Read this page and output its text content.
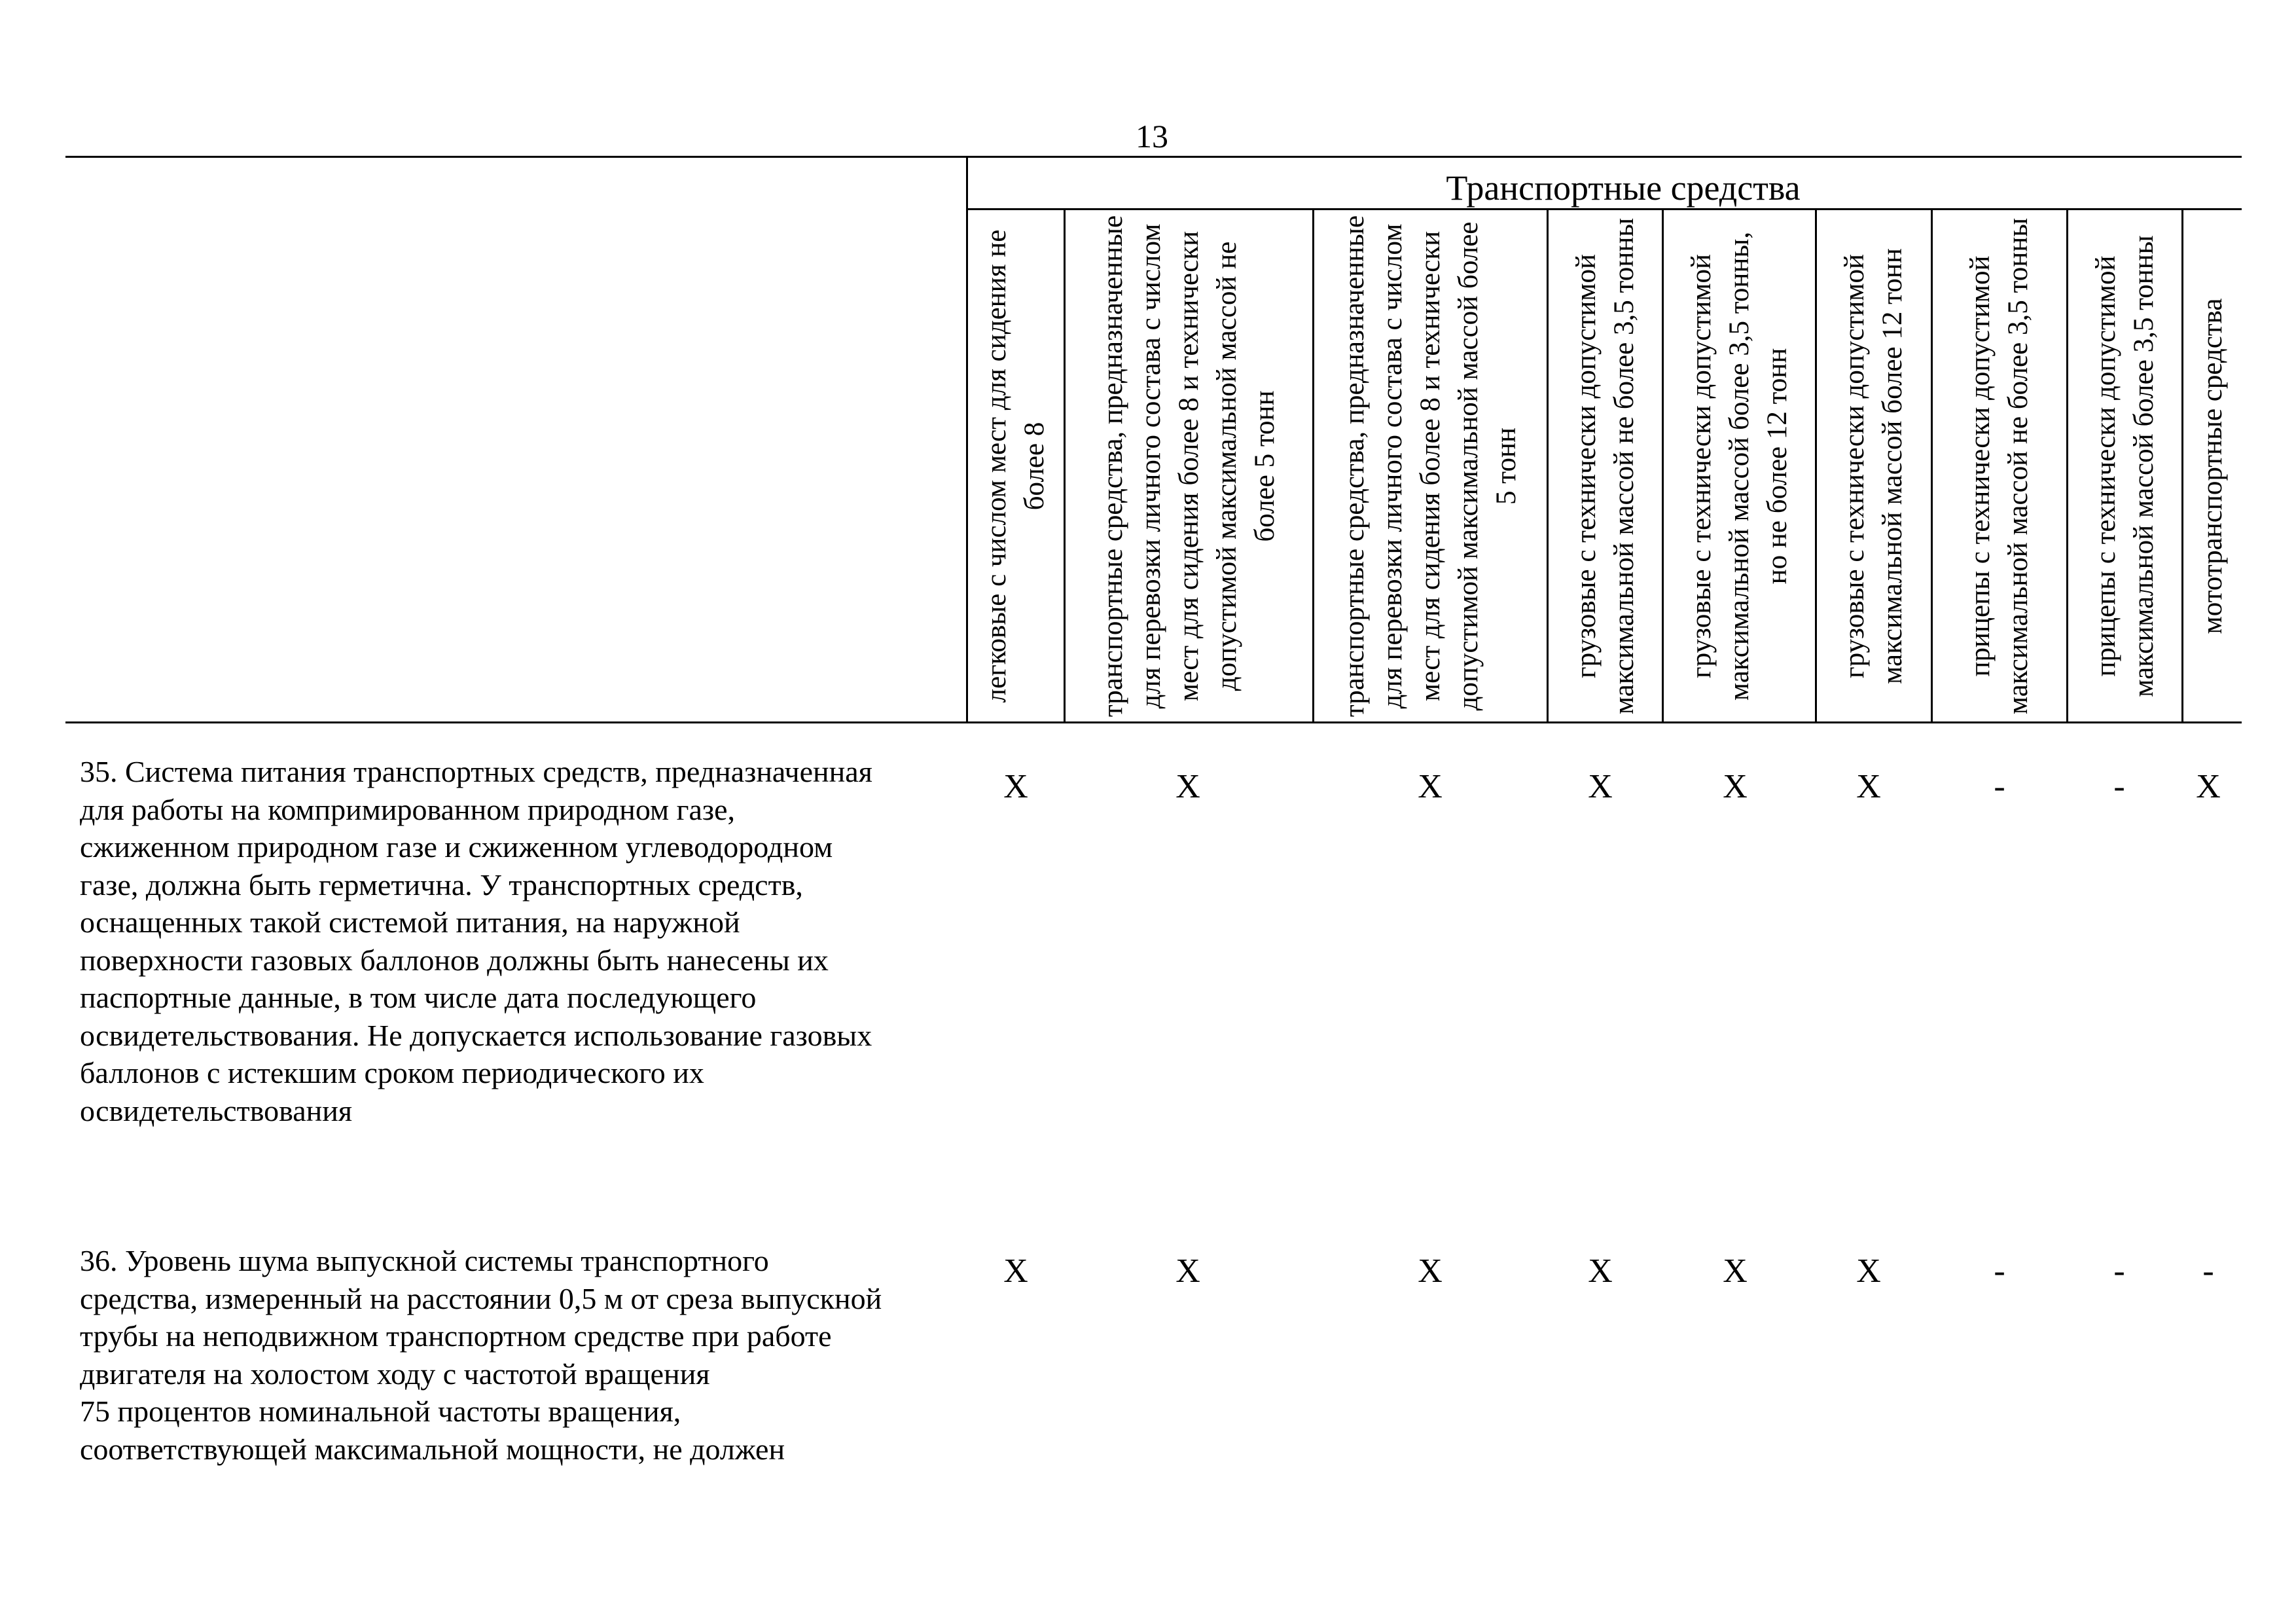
13
Транспортные средства
легковые с числом мест для сидения не более 8	транспортные средства, предназначенные для перевозки личного состава с числом мест для сидения более 8 и технически допустимой максимальной массой не более 5 тонн	транспортные средства, предназначенные для перевозки личного состава с числом мест для сидения более 8 и технически допустимой максимальной массой более 5 тонн	грузовые с технически допустимой максимальной массой не более 3,5 тонны	грузовые с технически допустимой максимальной массой более 3,5 тонны, но не более 12 тонн	грузовые с технически допустимой максимальной массой более 12 тонн	прицепы с технически допустимой максимальной массой не более 3,5 тонны	прицепы с технически допустимой максимальной массой более 3,5 тонны	мототранспортные средства
35. Система питания транспортных средств, предназначенная
для работы на компримированном природном газе,
сжиженном природном газе и сжиженном углеводородном
газе, должна быть герметична. У транспортных средств,
оснащенных такой системой питания, на наружной
поверхности газовых баллонов должны быть нанесены их
паспортные данные, в том числе дата последующего
освидетельствования. Не допускается использование газовых
баллонов с истекшим сроком периодического их
освидетельствования
Х	Х	Х	Х	Х	Х	-	-	Х
36. Уровень шума выпускной системы транспортного
средства, измеренный на расстоянии 0,5 м от среза выпускной
трубы на неподвижном транспортном средстве при работе
двигателя на холостом ходу с частотой вращения
75 процентов номинальной частоты вращения,
соответствующей максимальной мощности, не должен
Х	Х	Х	Х	Х	Х	-	-	-
